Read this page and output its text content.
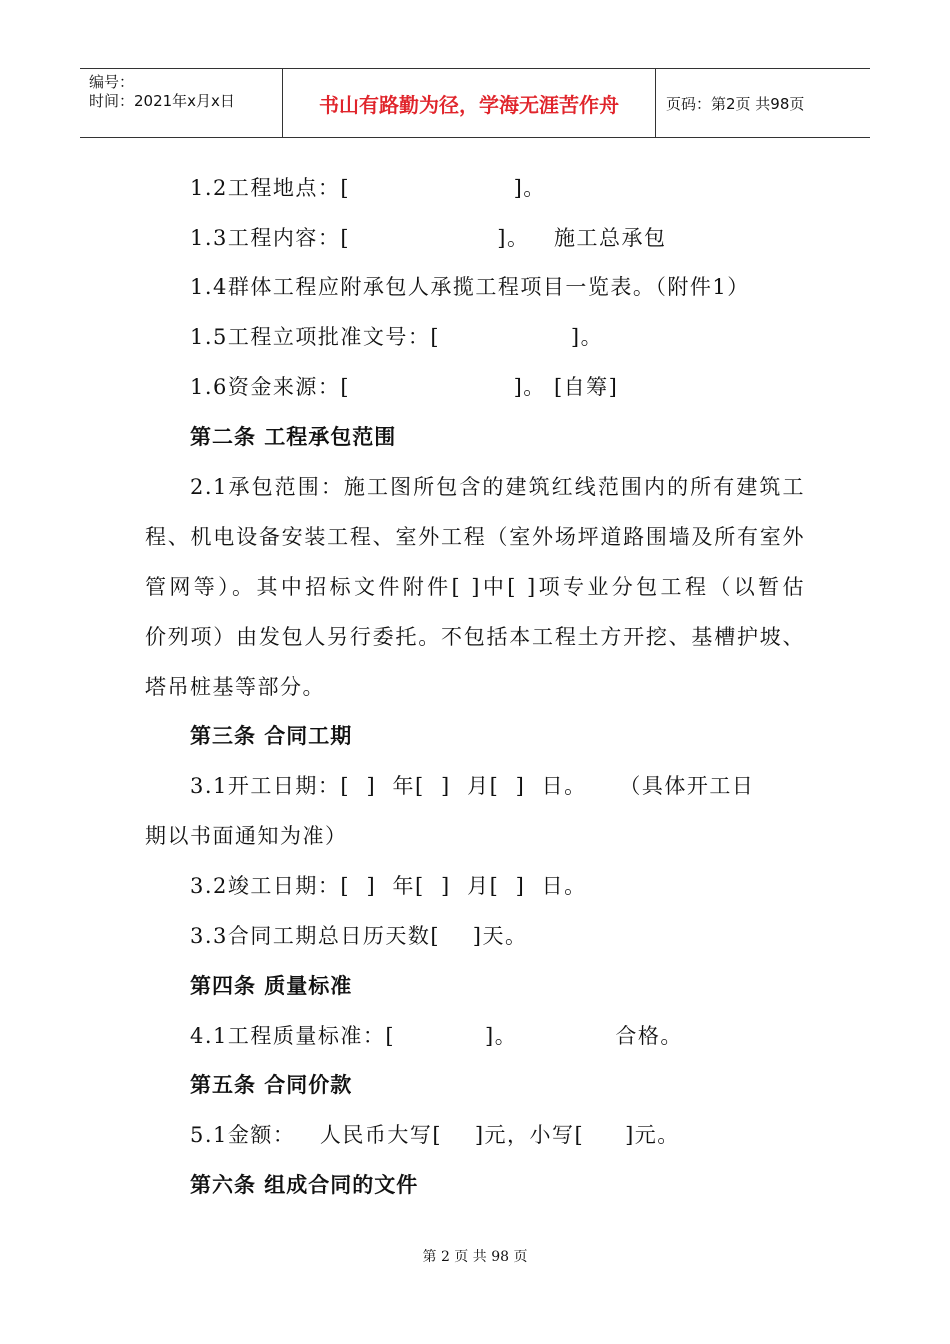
编号：
时间：2021年x月x日	书山有路勤为径，学海无涯苦作舟	页码：第2页 共98页
1.2工程地点：[                    ]。
1.3工程内容：[                  ]。   施工总承包
1.4群体工程应附承包人承揽工程项目一览表。（附件1）
1.5工程立项批准文号：[                ]。
1.6资金来源：[                    ]。 [自筹]
第二条 工程承包范围
2.1承包范围：施工图所包含的建筑红线范围内的所有建筑工
程、机电设备安装工程、室外工程（室外场坪道路围墙及所有室外
管网等）。其中招标文件附件[ ]中[ ]项专业分包工程（以暂估
价列项）由发包人另行委托。不包括本工程土方开挖、基槽护坡、
塔吊桩基等部分。
第三条 合同工期
3.1开工日期：[  ]  年[  ]  月[  ]  日。    （具体开工日
期以书面通知为准）
3.2竣工日期：[  ]  年[  ]  月[  ]  日。
3.3合同工期总日历天数[    ]天。
第四条 质量标准
4.1工程质量标准：[           ]。            合格。
第五条 合同价款
5.1金额：   人民币大写[    ]元，小写[     ]元。
第六条 组成合同的文件
第 2 页 共 98 页
